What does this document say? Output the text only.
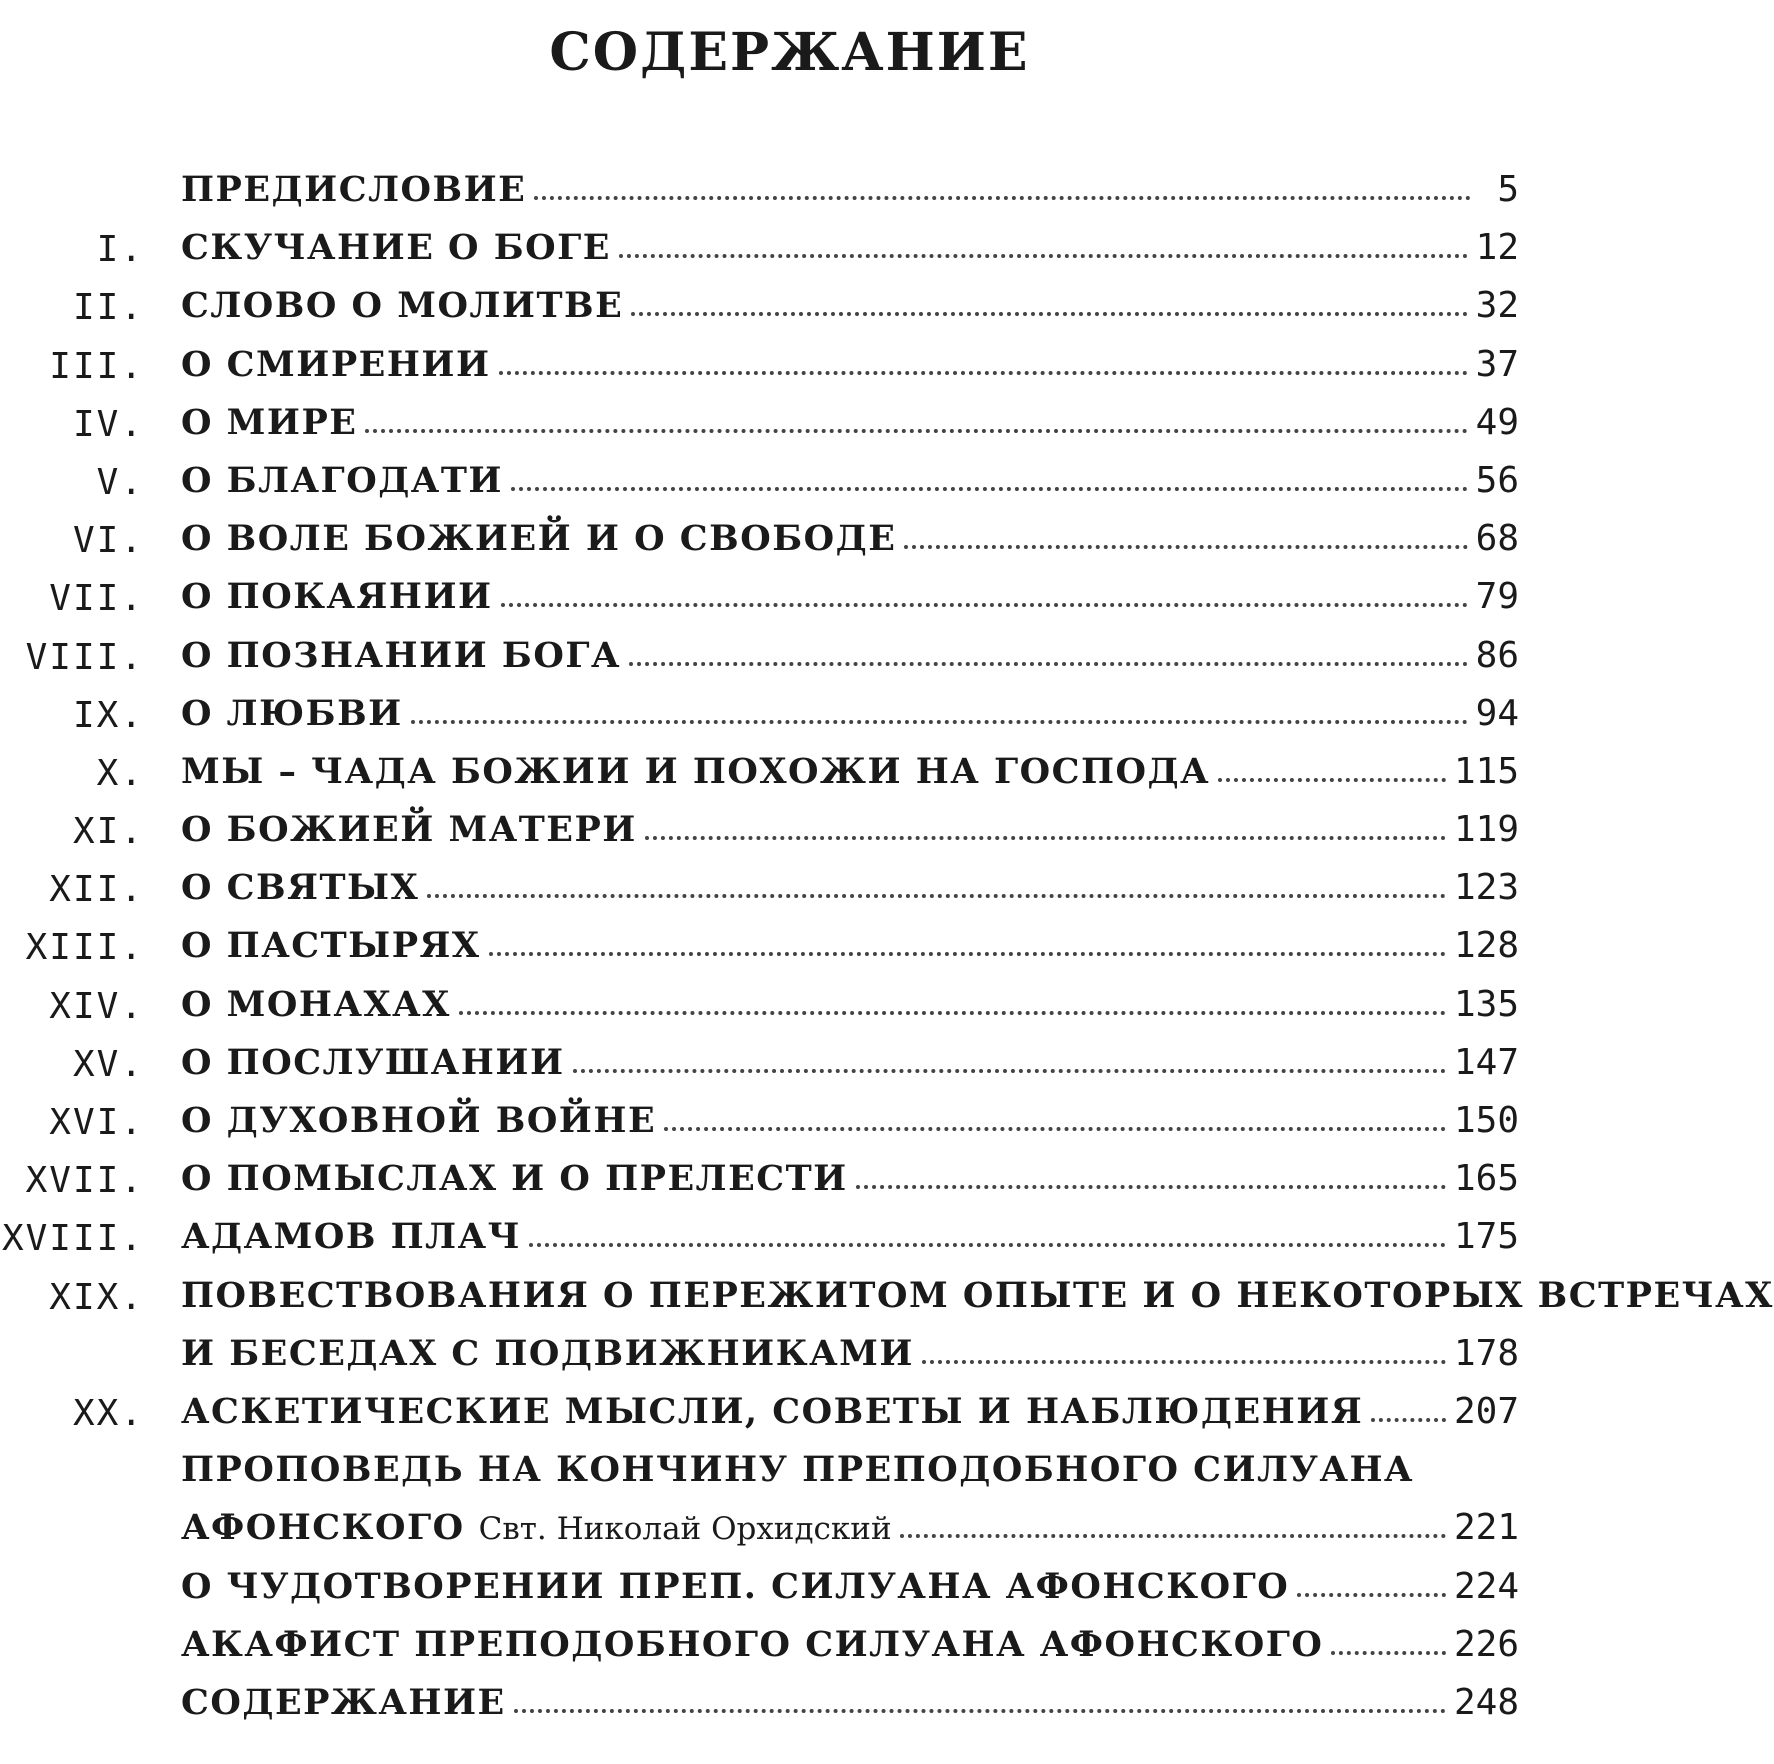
СОДЕРЖАНИЕ
ПРЕДИСЛОВИЕ	5
I. СКУЧАНИЕ О БОГЕ	12
II. СЛОВО О МОЛИТВЕ	32
III. О СМИРЕНИИ	37
IV. О МИРЕ	49
V. О БЛАГОДАТИ	56
VI. О ВОЛЕ БОЖИЕЙ И О СВОБОДЕ	68
VII. О ПОКАЯНИИ	79
VIII. О ПОЗНАНИИ БОГА	86
IX. О ЛЮБВИ	94
X. МЫ – ЧАДА БОЖИИ И ПОХОЖИ НА ГОСПОДА	115
XI. О БОЖИЕЙ МАТЕРИ	119
XII. О СВЯТЫХ	123
XIII. О ПАСТЫРЯХ	128
XIV. О МОНАХАХ	135
XV. О ПОСЛУШАНИИ	147
XVI. О ДУХОВНОЙ ВОЙНЕ	150
XVII. О ПОМЫСЛАХ И О ПРЕЛЕСТИ	165
XVIII. АДАМОВ ПЛАЧ	175
XIX. ПОВЕСТВОВАНИЯ О ПЕРЕЖИТОМ ОПЫТЕ И О НЕКОТОРЫХ ВСТРЕЧАХ
И БЕСЕДАХ С ПОДВИЖНИКАМИ	178
XX. АСКЕТИЧЕСКИЕ МЫСЛИ, СОВЕТЫ И НАБЛЮДЕНИЯ	207
ПРОПОВЕДЬ НА КОНЧИНУ ПРЕПОДОБНОГО СИЛУАНА
АФОНСКОГО Свт. Николай Орхидский	221
О ЧУДОТВОРЕНИИ ПРЕП. СИЛУАНА АФОНСКОГО	224
АКАФИСТ ПРЕПОДОБНОГО СИЛУАНА АФОНСКОГО	226
СОДЕРЖАНИЕ	248
